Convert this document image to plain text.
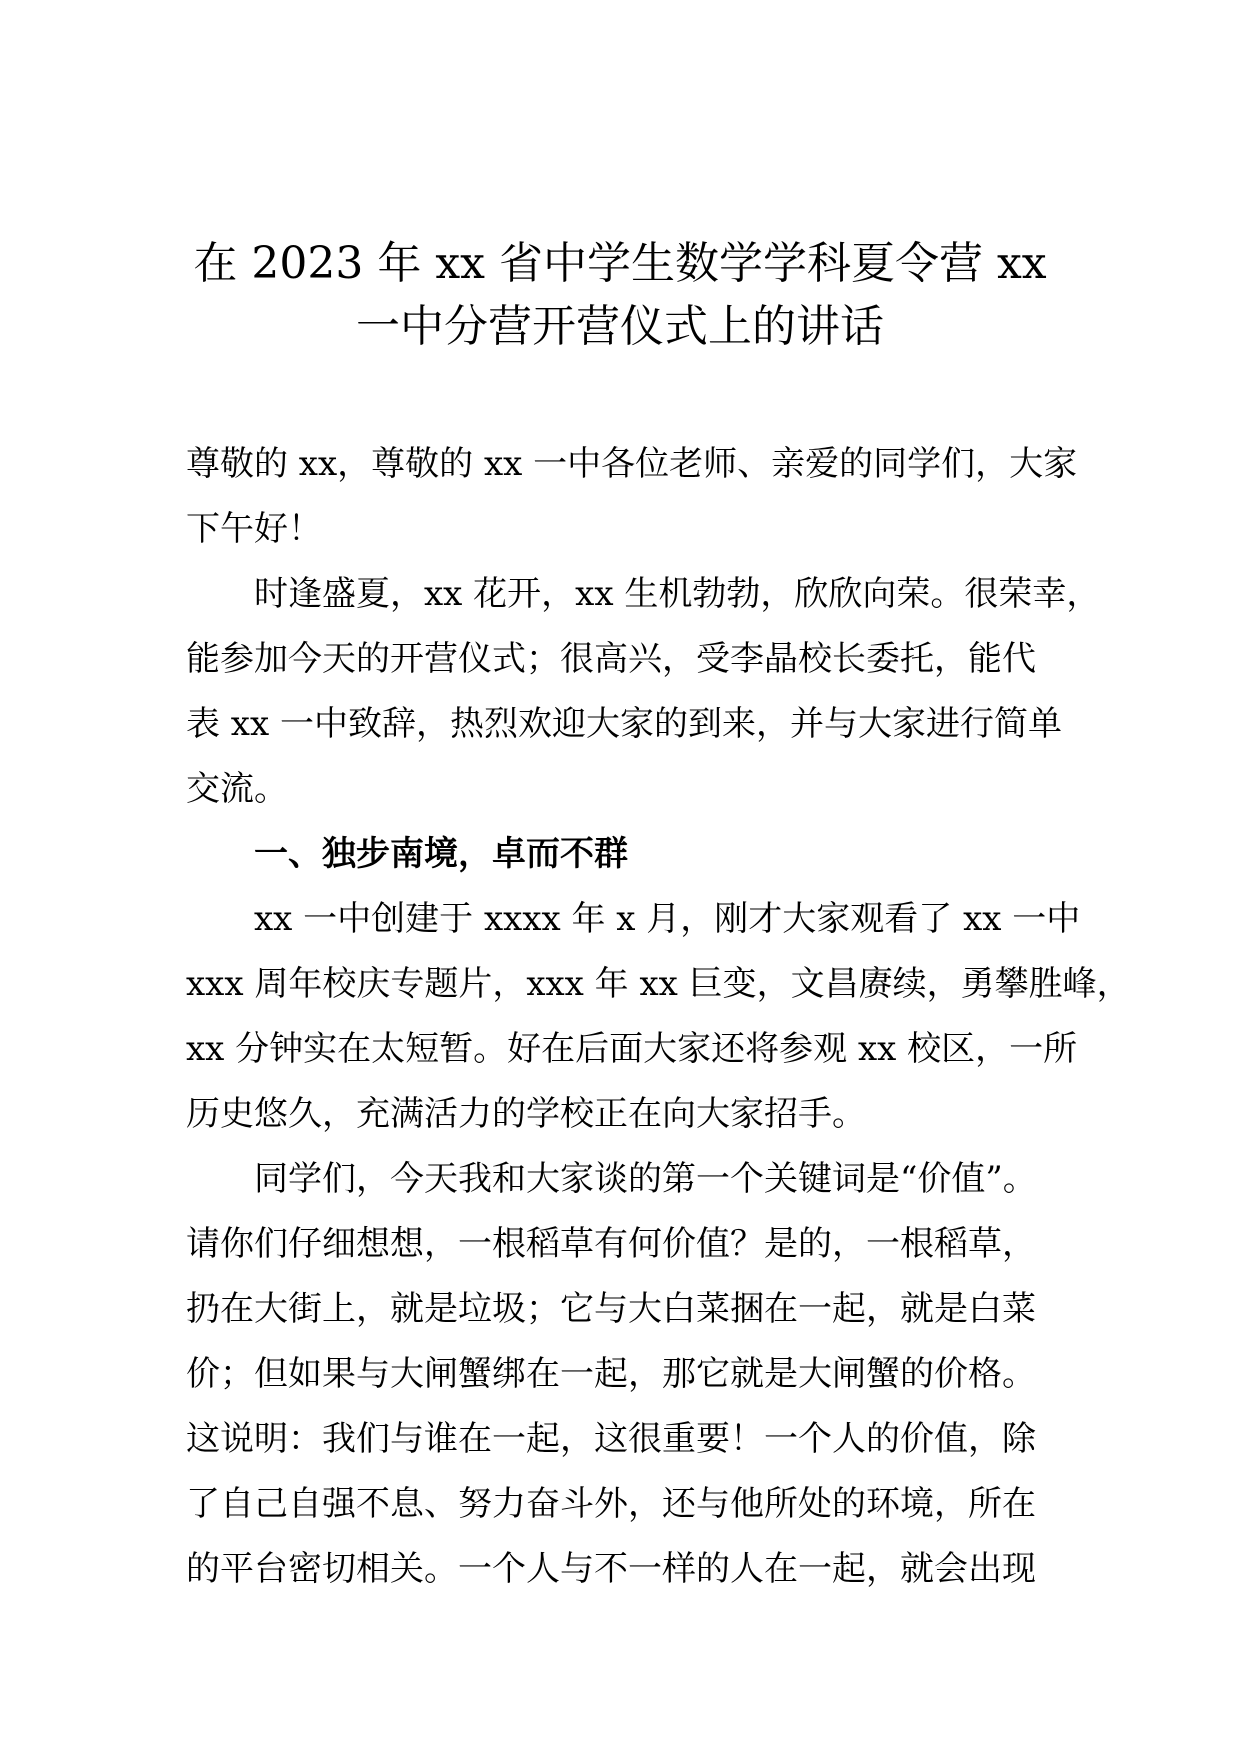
在 2023 年 xx 省中学生数学学科夏令营 xx
一中分营开营仪式上的讲话
尊敬的 xx，尊敬的 xx 一中各位老师、亲爱的同学们，大家
下午好！
时逢盛夏，xx 花开，xx 生机勃勃，欣欣向荣。很荣幸，
能参加今天的开营仪式；很高兴，受李晶校长委托，能代
表 xx 一中致辞，热烈欢迎大家的到来，并与大家进行简单
交流。
一、独步南境，卓而不群
xx 一中创建于 xxxx 年 x 月，刚才大家观看了 xx 一中
xxx 周年校庆专题片，xxx 年 xx 巨变，文昌赓续，勇攀胜峰，
xx 分钟实在太短暂。好在后面大家还将参观 xx 校区，一所
历史悠久，充满活力的学校正在向大家招手。
同学们，今天我和大家谈的第一个关键词是“价值”。
请你们仔细想想，一根稻草有何价值？是的，一根稻草，
扔在大街上，就是垃圾；它与大白菜捆在一起，就是白菜
价；但如果与大闸蟹绑在一起，那它就是大闸蟹的价格。
这说明：我们与谁在一起，这很重要！一个人的价值，除
了自己自强不息、努力奋斗外，还与他所处的环境，所在
的平台密切相关。一个人与不一样的人在一起，就会出现
